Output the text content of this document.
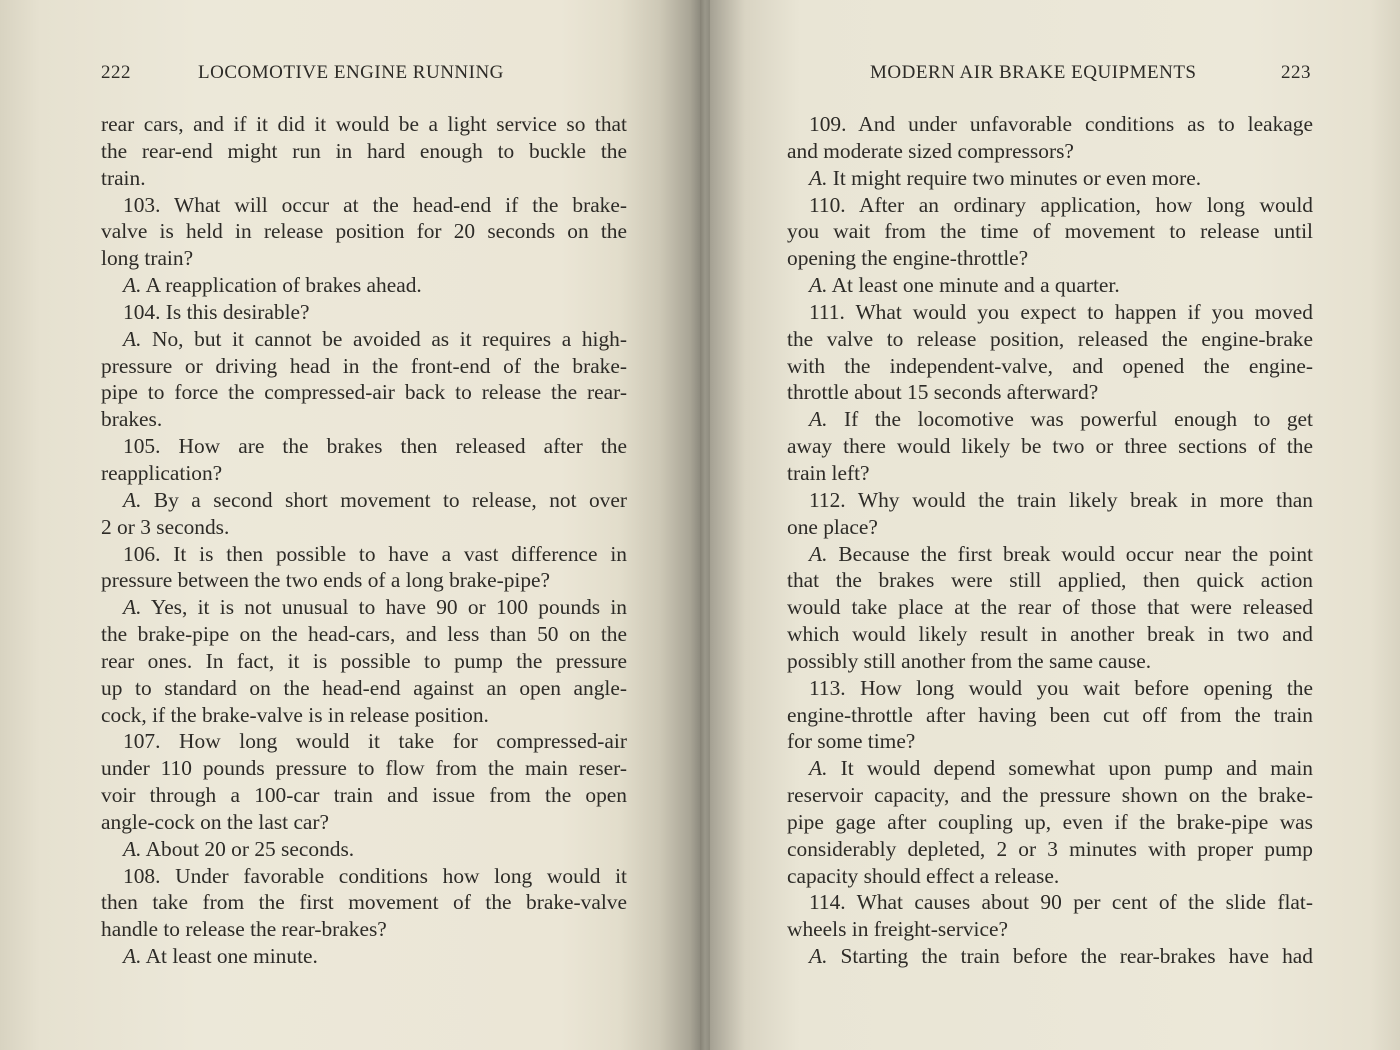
222	LOCOMOTIVE ENGINE RUNNING
rear cars, and if it did it would be a light service so that
the rear-end might run in hard enough to buckle the
train.
103. What will occur at the head-end if the brake-
valve is held in release position for 20 seconds on the
long train?
A. A reapplication of brakes ahead.
104. Is this desirable?
A. No, but it cannot be avoided as it requires a high-
pressure or driving head in the front-end of the brake-
pipe to force the compressed-air back to release the rear-
brakes.
105. How are the brakes then released after the
reapplication?
A. By a second short movement to release, not over
2 or 3 seconds.
106. It is then possible to have a vast difference in
pressure between the two ends of a long brake-pipe?
A. Yes, it is not unusual to have 90 or 100 pounds in
the brake-pipe on the head-cars, and less than 50 on the
rear ones. In fact, it is possible to pump the pressure
up to standard on the head-end against an open angle-
cock, if the brake-valve is in release position.
107. How long would it take for compressed-air
under 110 pounds pressure to flow from the main reser-
voir through a 100-car train and issue from the open
angle-cock on the last car?
A. About 20 or 25 seconds.
108. Under favorable conditions how long would it
then take from the first movement of the brake-valve
handle to release the rear-brakes?
A. At least one minute.
MODERN AIR BRAKE EQUIPMENTS	223
109. And under unfavorable conditions as to leakage
and moderate sized compressors?
A. It might require two minutes or even more.
110. After an ordinary application, how long would
you wait from the time of movement to release until
opening the engine-throttle?
A. At least one minute and a quarter.
111. What would you expect to happen if you moved
the valve to release position, released the engine-brake
with the independent-valve, and opened the engine-
throttle about 15 seconds afterward?
A. If the locomotive was powerful enough to get
away there would likely be two or three sections of the
train left?
112. Why would the train likely break in more than
one place?
A. Because the first break would occur near the point
that the brakes were still applied, then quick action
would take place at the rear of those that were released
which would likely result in another break in two and
possibly still another from the same cause.
113. How long would you wait before opening the
engine-throttle after having been cut off from the train
for some time?
A. It would depend somewhat upon pump and main
reservoir capacity, and the pressure shown on the brake-
pipe gage after coupling up, even if the brake-pipe was
considerably depleted, 2 or 3 minutes with proper pump
capacity should effect a release.
114. What causes about 90 per cent of the slide flat-
wheels in freight-service?
A. Starting the train before the rear-brakes have had
